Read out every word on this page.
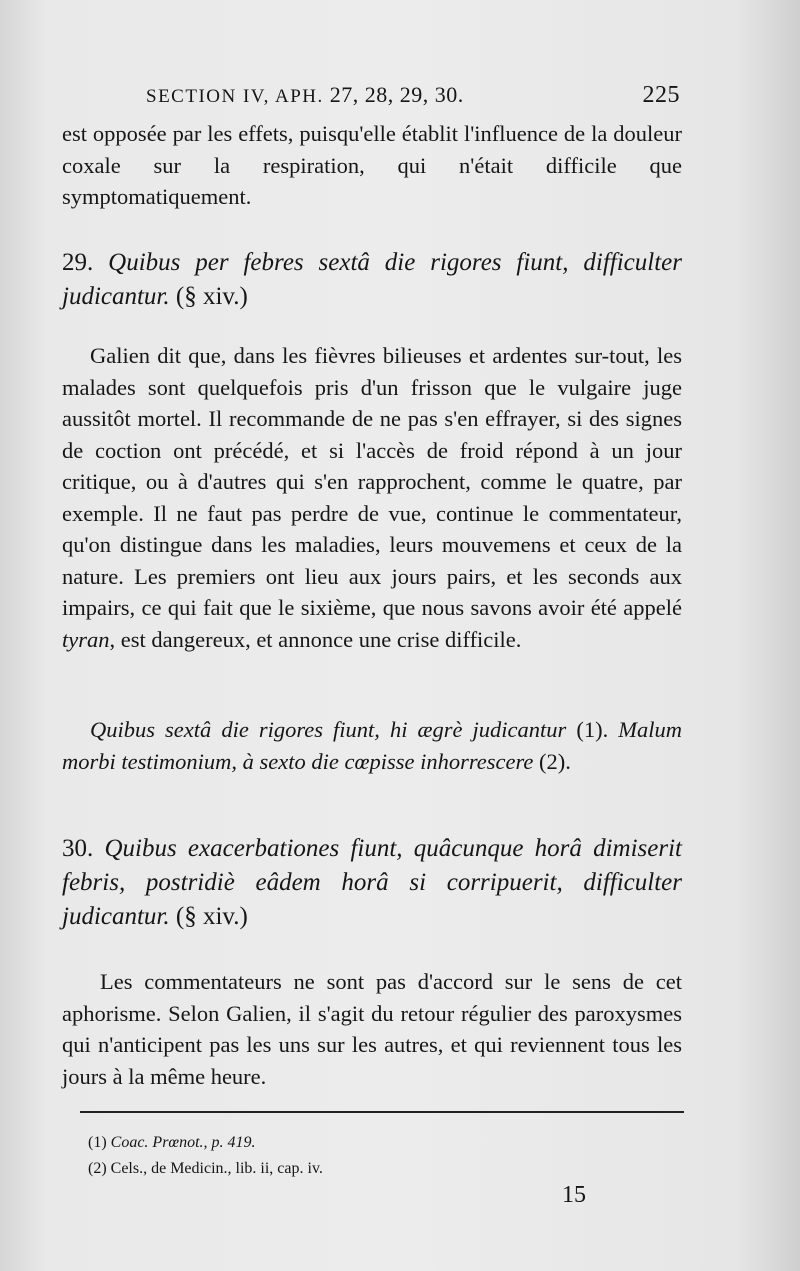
SECTION IV, APH. 27, 28, 29, 30.	225
est opposée par les effets, puisqu'elle établit l'influence de la douleur coxale sur la respiration, qui n'était difficile que symptomatiquement.
29. Quibus per febres sextâ die rigores fiunt, difficulter judicantur. (§ xiv.)
Galien dit que, dans les fièvres bilieuses et ardentes sur-tout, les malades sont quelquefois pris d'un frisson que le vulgaire juge aussitôt mortel. Il recommande de ne pas s'en effrayer, si des signes de coction ont précédé, et si l'accès de froid répond à un jour critique, ou à d'autres qui s'en rapprochent, comme le quatre, par exemple. Il ne faut pas perdre de vue, continue le commentateur, qu'on distingue dans les maladies, leurs mouvemens et ceux de la nature. Les premiers ont lieu aux jours pairs, et les seconds aux impairs, ce qui fait que le sixième, que nous savons avoir été appelé tyran, est dangereux, et annonce une crise difficile.
Quibus sextâ die rigores fiunt, hi ægrè judicantur (1). Malum morbi testimonium, à sexto die cœpisse inhorrescere (2).
30. Quibus exacerbationes fiunt, quâcunque horâ dimiserit febris, postridiè eâdem horâ si corripuerit, difficulter judicantur. (§ xiv.)
Les commentateurs ne sont pas d'accord sur le sens de cet aphorisme. Selon Galien, il s'agit du retour régulier des paroxysmes qui n'anticipent pas les uns sur les autres, et qui reviennent tous les jours à la même heure.
(1) Coac. Prœnot., p. 419.
(2) Cels., de Medicin., lib. ii, cap. iv.
15
